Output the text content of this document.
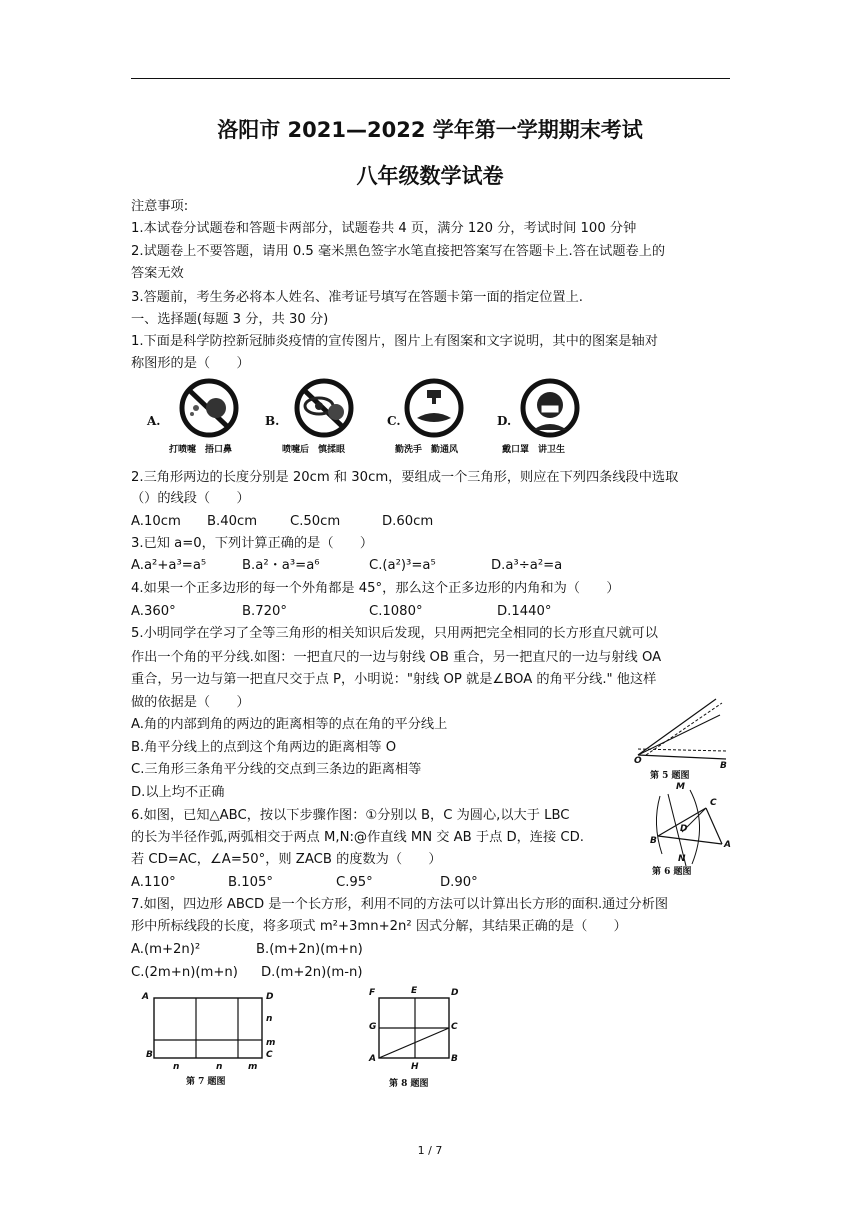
洛阳市 2021—2022 学年第一学期期末考试
八年级数学试卷
注意事项:
1.本试卷分试题卷和答题卡两部分，试题卷共 4 页，满分 120 分，考试时间 100 分钟
2.试题卷上不要答题，请用 0.5 毫米黑色签字水笔直接把答案写在答题卡上.答在试题卷上的
答案无效
3.答题前，考生务必将本人姓名、准考证号填写在答题卡第一面的指定位置上.
一、选择题(每题 3 分，共 30 分)
1.下面是科学防控新冠肺炎疫情的宣传图片，图片上有图案和文字说明，其中的图案是轴对
称图形的是（　　）
A.
打喷嚏　捂口鼻
B.
喷嚏后　慎揉眼
C.
勤洗手　勤通风
D.
戴口罩　讲卫生
2.三角形两边的长度分别是 20cm 和 30cm，要组成一个三角形，则应在下列四条线段中选取
（）的线段（　　）
A.10cm B.40cm C.50cm	D.60cm
3.已知 a=0，下列计算正确的是（　　）
A.a²+a³=a⁵	B.a²・a³=a⁶	C.(a²)³=a⁵	D.a³÷a²=a
4.如果一个正多边形的每一个外角都是 45°，那么这个正多边形的内角和为（　　）
A.360°	B.720°	C.1080°	D.1440°
5.小明同学在学习了全等三角形的相关知识后发现，只用两把完全相同的长方形直尺就可以
作出一个角的平分线.如图：一把直尺的一边与射线 OB 重合，另一把直尺的一边与射线 OA
重合，另一边与第一把直尺交于点 P，小明说："射线 OP 就是∠BOA 的角平分线." 他这样
做的依据是（　　）
A.角的内部到角的两边的距离相等的点在角的平分线上
B.角平分线上的点到这个角两边的距离相等 O
C.三角形三条角平分线的交点到三条边的距离相等
D.以上均不正确
O	B
第 5 题图
6.如图，已知△ABC，按以下步骤作图：①分别以 B，C 为圆心,以大于 LBC
的长为半径作弧,两弧相交于两点 M,N:@作直线 MN 交 AB 于点 D，连接 CD.
若 CD=AC，∠A=50°，则 ZACB 的度数为（　　）
A.110°	B.105°	C.95°	D.90°
M
C
D
B
N
A
第 6 题图
7.如图，四边形 ABCD 是一个长方形，利用不同的方法可以计算出长方形的面积.通过分析图
形中所标线段的长度，将多项式 m²+3mn+2n² 因式分解，其结果正确的是（　　）
A.(m+2n)²	B.(m+2n)(m+n)
C.(2m+n)(m+n) D.(m+2n)(m-n)
A	D
n
m
B	C
n	n	m
第 7 题图
F	E	D
G	C
A	B
H
第 8 题图
1 / 7
